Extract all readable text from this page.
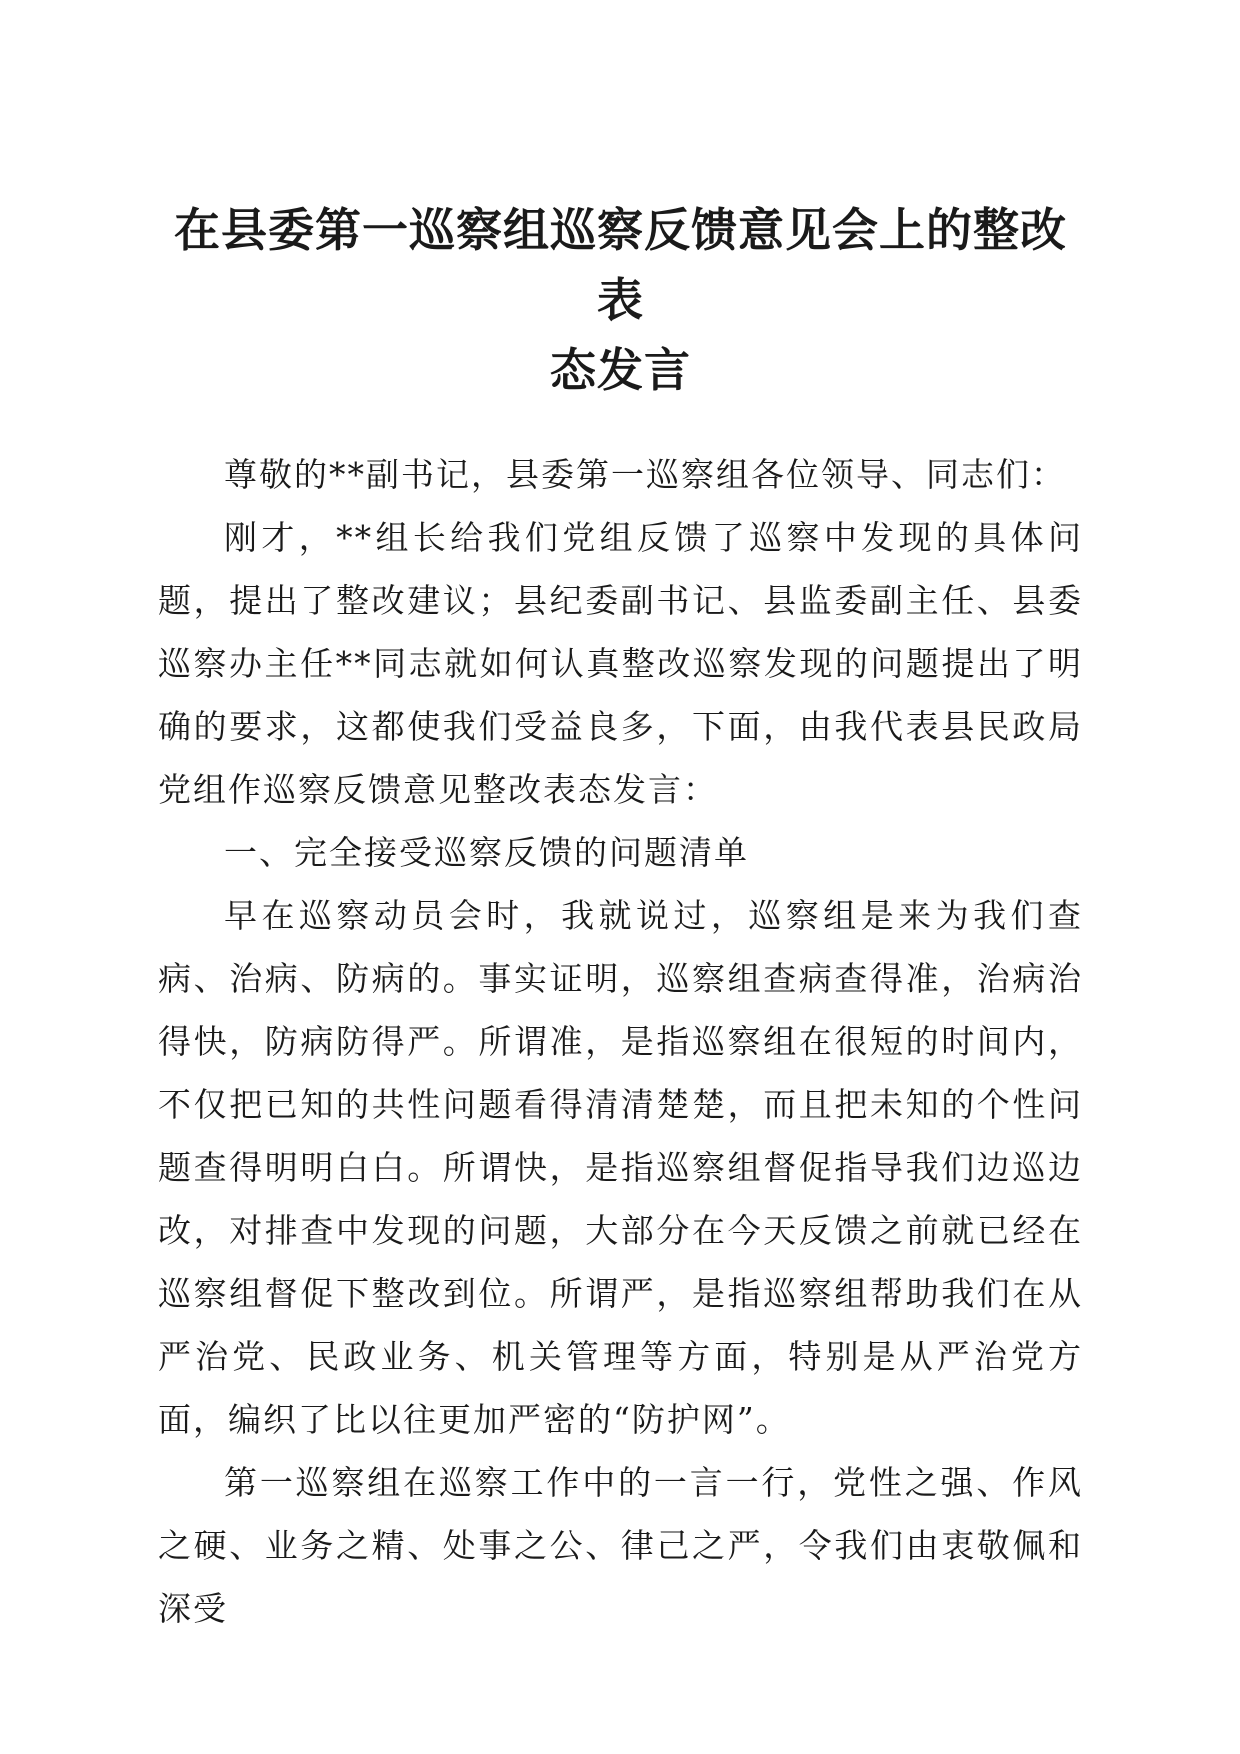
在县委第一巡察组巡察反馈意见会上的整改表
态发言

尊敬的**副书记，县委第一巡察组各位领导、同志们：

刚才，**组长给我们党组反馈了巡察中发现的具体问题，提出了整改建议；县纪委副书记、县监委副主任、县委巡察办主任**同志就如何认真整改巡察发现的问题提出了明确的要求，这都使我们受益良多，下面，由我代表县民政局党组作巡察反馈意见整改表态发言：

一、完全接受巡察反馈的问题清单

早在巡察动员会时，我就说过，巡察组是来为我们查病、治病、防病的。事实证明，巡察组查病查得准，治病治得快，防病防得严。所谓准，是指巡察组在很短的时间内，不仅把已知的共性问题看得清清楚楚，而且把未知的个性问题查得明明白白。所谓快，是指巡察组督促指导我们边巡边改，对排查中发现的问题，大部分在今天反馈之前就已经在巡察组督促下整改到位。所谓严，是指巡察组帮助我们在从严治党、民政业务、机关管理等方面，特别是从严治党方面，编织了比以往更加严密的“防护网”。

第一巡察组在巡察工作中的一言一行，党性之强、作风之硬、业务之精、处事之公、律己之严，令我们由衷敬佩和深受
